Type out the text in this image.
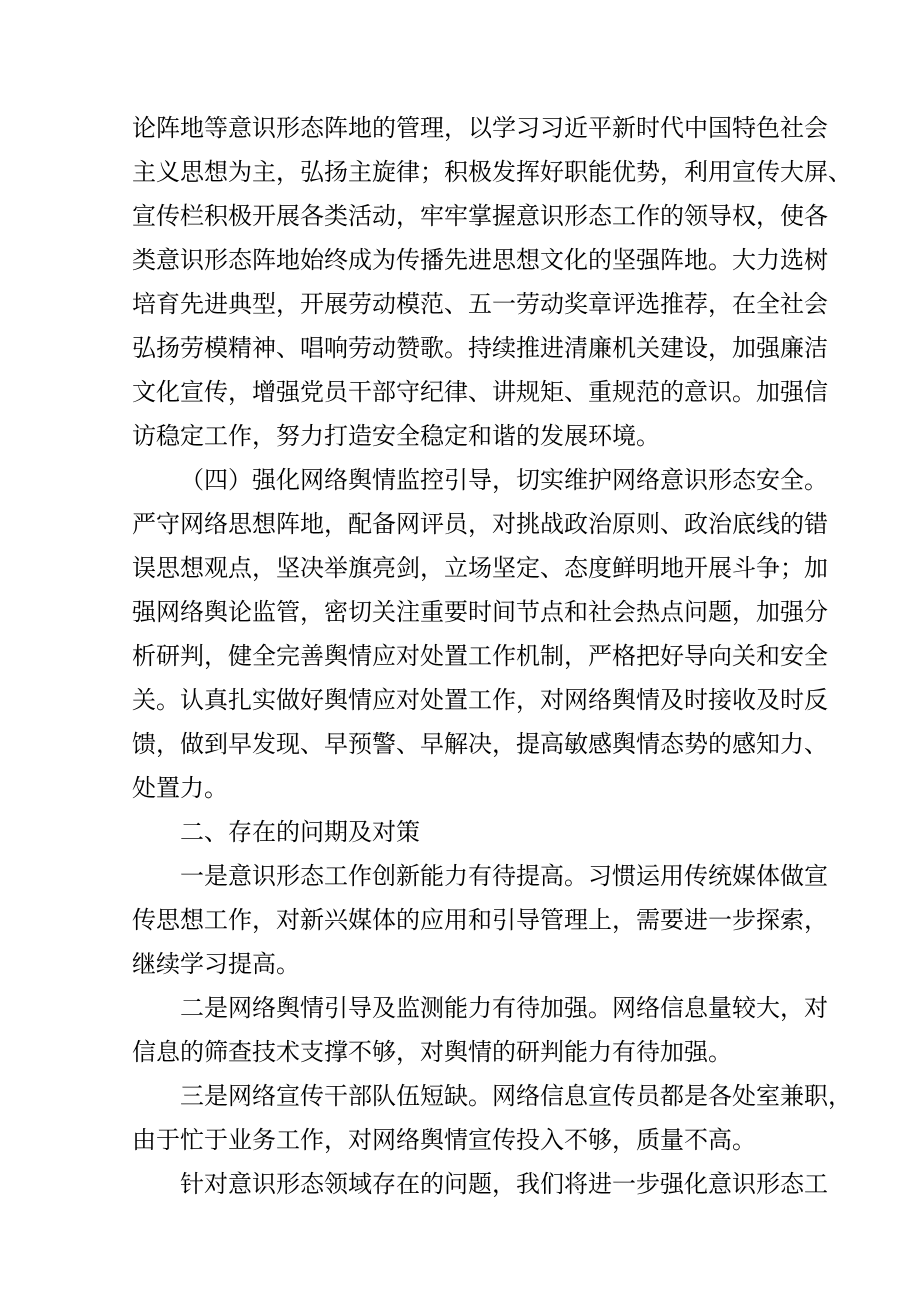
论阵地等意识形态阵地的管理，以学习习近平新时代中国特色社会
主义思想为主，弘扬主旋律；积极发挥好职能优势，利用宣传大屏、
宣传栏积极开展各类活动，牢牢掌握意识形态工作的领导权，使各
类意识形态阵地始终成为传播先进思想文化的坚强阵地。大力选树
培育先进典型，开展劳动模范、五一劳动奖章评选推荐，在全社会
弘扬劳模精神、唱响劳动赞歌。持续推进清廉机关建设，加强廉洁
文化宣传，增强党员干部守纪律、讲规矩、重规范的意识。加强信
访稳定工作，努力打造安全稳定和谐的发展环境。
（四）强化网络舆情监控引导，切实维护网络意识形态安全。
严守网络思想阵地，配备网评员，对挑战政治原则、政治底线的错
误思想观点，坚决举旗亮剑，立场坚定、态度鲜明地开展斗争；加
强网络舆论监管，密切关注重要时间节点和社会热点问题，加强分
析研判，健全完善舆情应对处置工作机制，严格把好导向关和安全
关。认真扎实做好舆情应对处置工作，对网络舆情及时接收及时反
馈，做到早发现、早预警、早解决，提高敏感舆情态势的感知力、
处置力。
二、存在的问期及对策
一是意识形态工作创新能力有待提高。习惯运用传统媒体做宣
传思想工作，对新兴媒体的应用和引导管理上，需要进一步探索，
继续学习提高。
二是网络舆情引导及监测能力有待加强。网络信息量较大，对
信息的筛查技术支撑不够，对舆情的研判能力有待加强。
三是网络宣传干部队伍短缺。网络信息宣传员都是各处室兼职，
由于忙于业务工作，对网络舆情宣传投入不够，质量不高。
针对意识形态领域存在的问题，我们将进一步强化意识形态工
